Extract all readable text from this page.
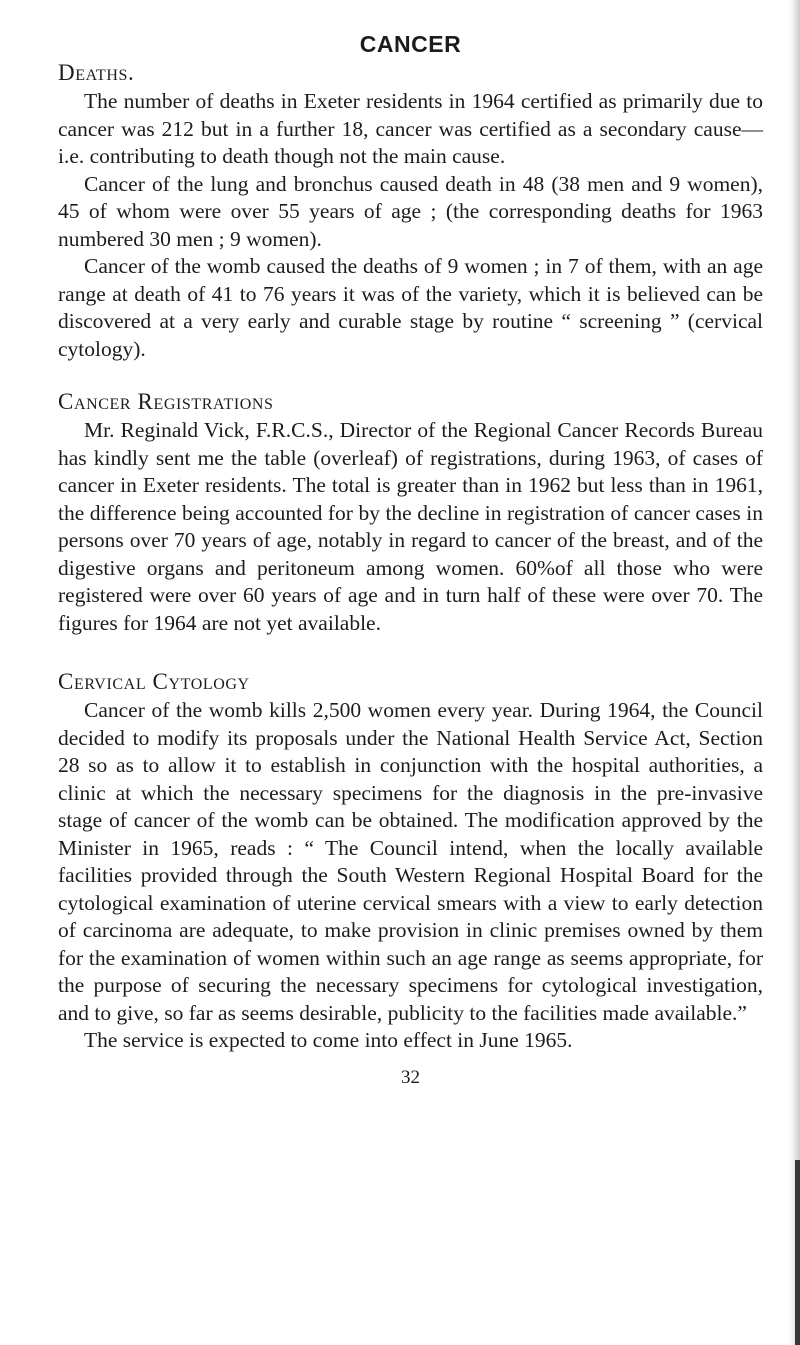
CANCER
Deaths.

The number of deaths in Exeter residents in 1964 certified as primarily due to cancer was 212 but in a further 18, cancer was certified as a secondary cause—i.e. contributing to death though not the main cause.

Cancer of the lung and bronchus caused death in 48 (38 men and 9 women), 45 of whom were over 55 years of age ; (the corresponding deaths for 1963 numbered 30 men ; 9 women).

Cancer of the womb caused the deaths of 9 women ; in 7 of them, with an age range at death of 41 to 76 years it was of the variety, which it is believed can be discovered at a very early and curable stage by routine “ screening ” (cervical cytology).

Cancer Registrations

Mr. Reginald Vick, F.R.C.S., Director of the Regional Cancer Records Bureau has kindly sent me the table (overleaf) of registrations, during 1963, of cases of cancer in Exeter residents. The total is greater than in 1962 but less than in 1961, the difference being accounted for by the decline in registration of cancer cases in persons over 70 years of age, notably in regard to cancer of the breast, and of the digestive organs and peritoneum among women. 60%of all those who were registered were over 60 years of age and in turn half of these were over 70. The figures for 1964 are not yet available.

Cervical Cytology

Cancer of the womb kills 2,500 women every year. During 1964, the Council decided to modify its proposals under the National Health Service Act, Section 28 so as to allow it to establish in conjunction with the hospital authorities, a clinic at which the necessary specimens for the diagnosis in the pre-invasive stage of cancer of the womb can be obtained. The modification approved by the Minister in 1965, reads : “ The Council intend, when the locally available facilities provided through the South Western Regional Hospital Board for the cytological examination of uterine cervical smears with a view to early detection of carcinoma are adequate, to make provision in clinic premises owned by them for the examination of women within such an age range as seems appropriate, for the purpose of securing the necessary specimens for cytological investigation, and to give, so far as seems desirable, publicity to the facilities made available.”

The service is expected to come into effect in June 1965.

32
